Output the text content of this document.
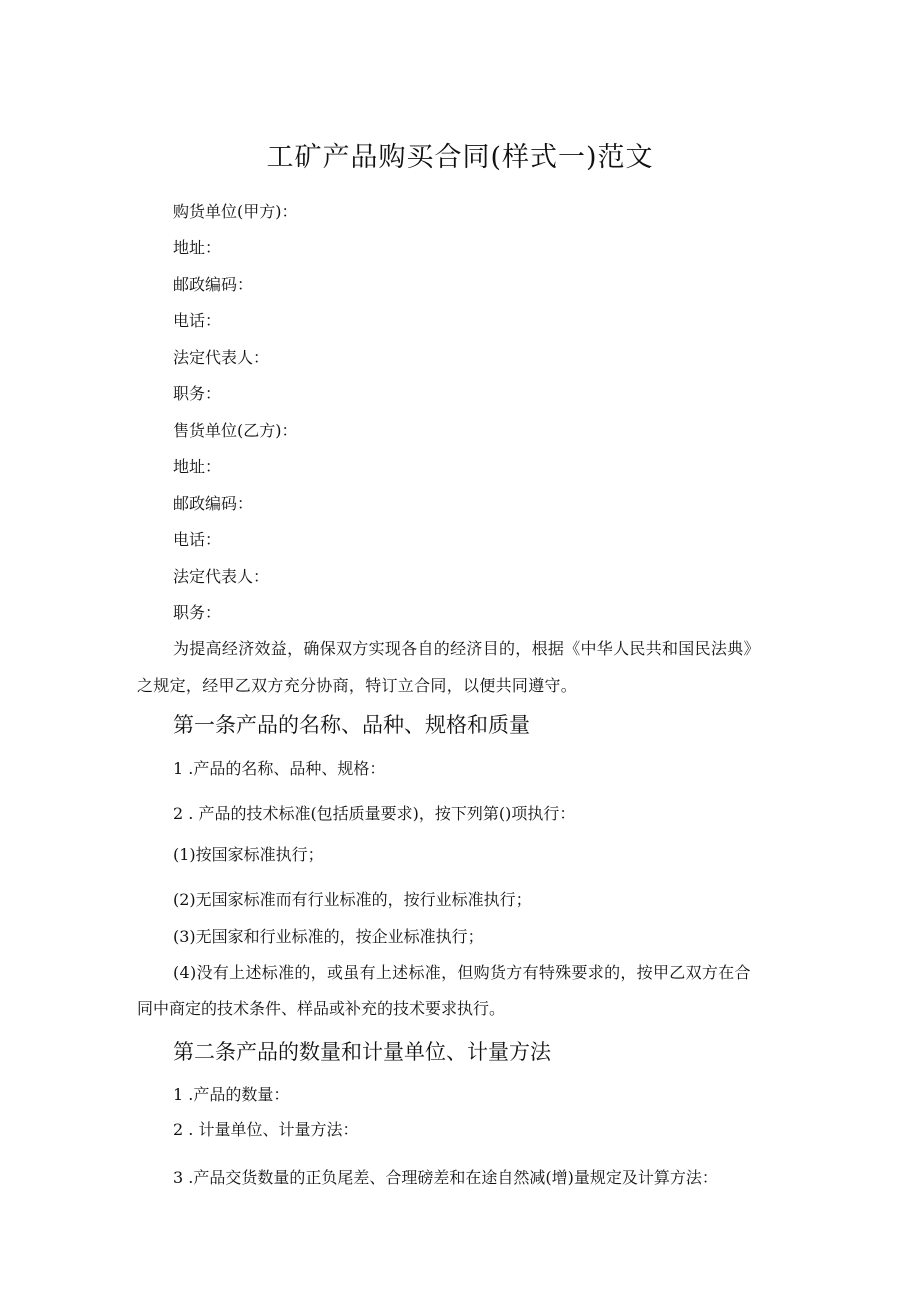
工矿产品购买合同(样式一)范文
购货单位(甲方)：
地址：
邮政编码：
电话：
法定代表人：
职务：
售货单位(乙方)：
地址：
邮政编码：
电话：
法定代表人：
职务：
为提高经济效益，确保双方实现各自的经济目的，根据《中华人民共和国民法典》
之规定，经甲乙双方充分协商，特订立合同，以便共同遵守。
第一条产品的名称、品种、规格和质量
1 .产品的名称、品种、规格：
2 . 产品的技术标准(包括质量要求)，按下列第()项执行：
(1)按国家标准执行；
(2)无国家标准而有行业标准的，按行业标准执行；
(3)无国家和行业标准的，按企业标准执行；
(4)没有上述标准的，或虽有上述标准，但购货方有特殊要求的，按甲乙双方在合
同中商定的技术条件、样品或补充的技术要求执行。
第二条产品的数量和计量单位、计量方法
1 .产品的数量：
2 . 计量单位、计量方法：
3 .产品交货数量的正负尾差、合理磅差和在途自然减(增)量规定及计算方法：
